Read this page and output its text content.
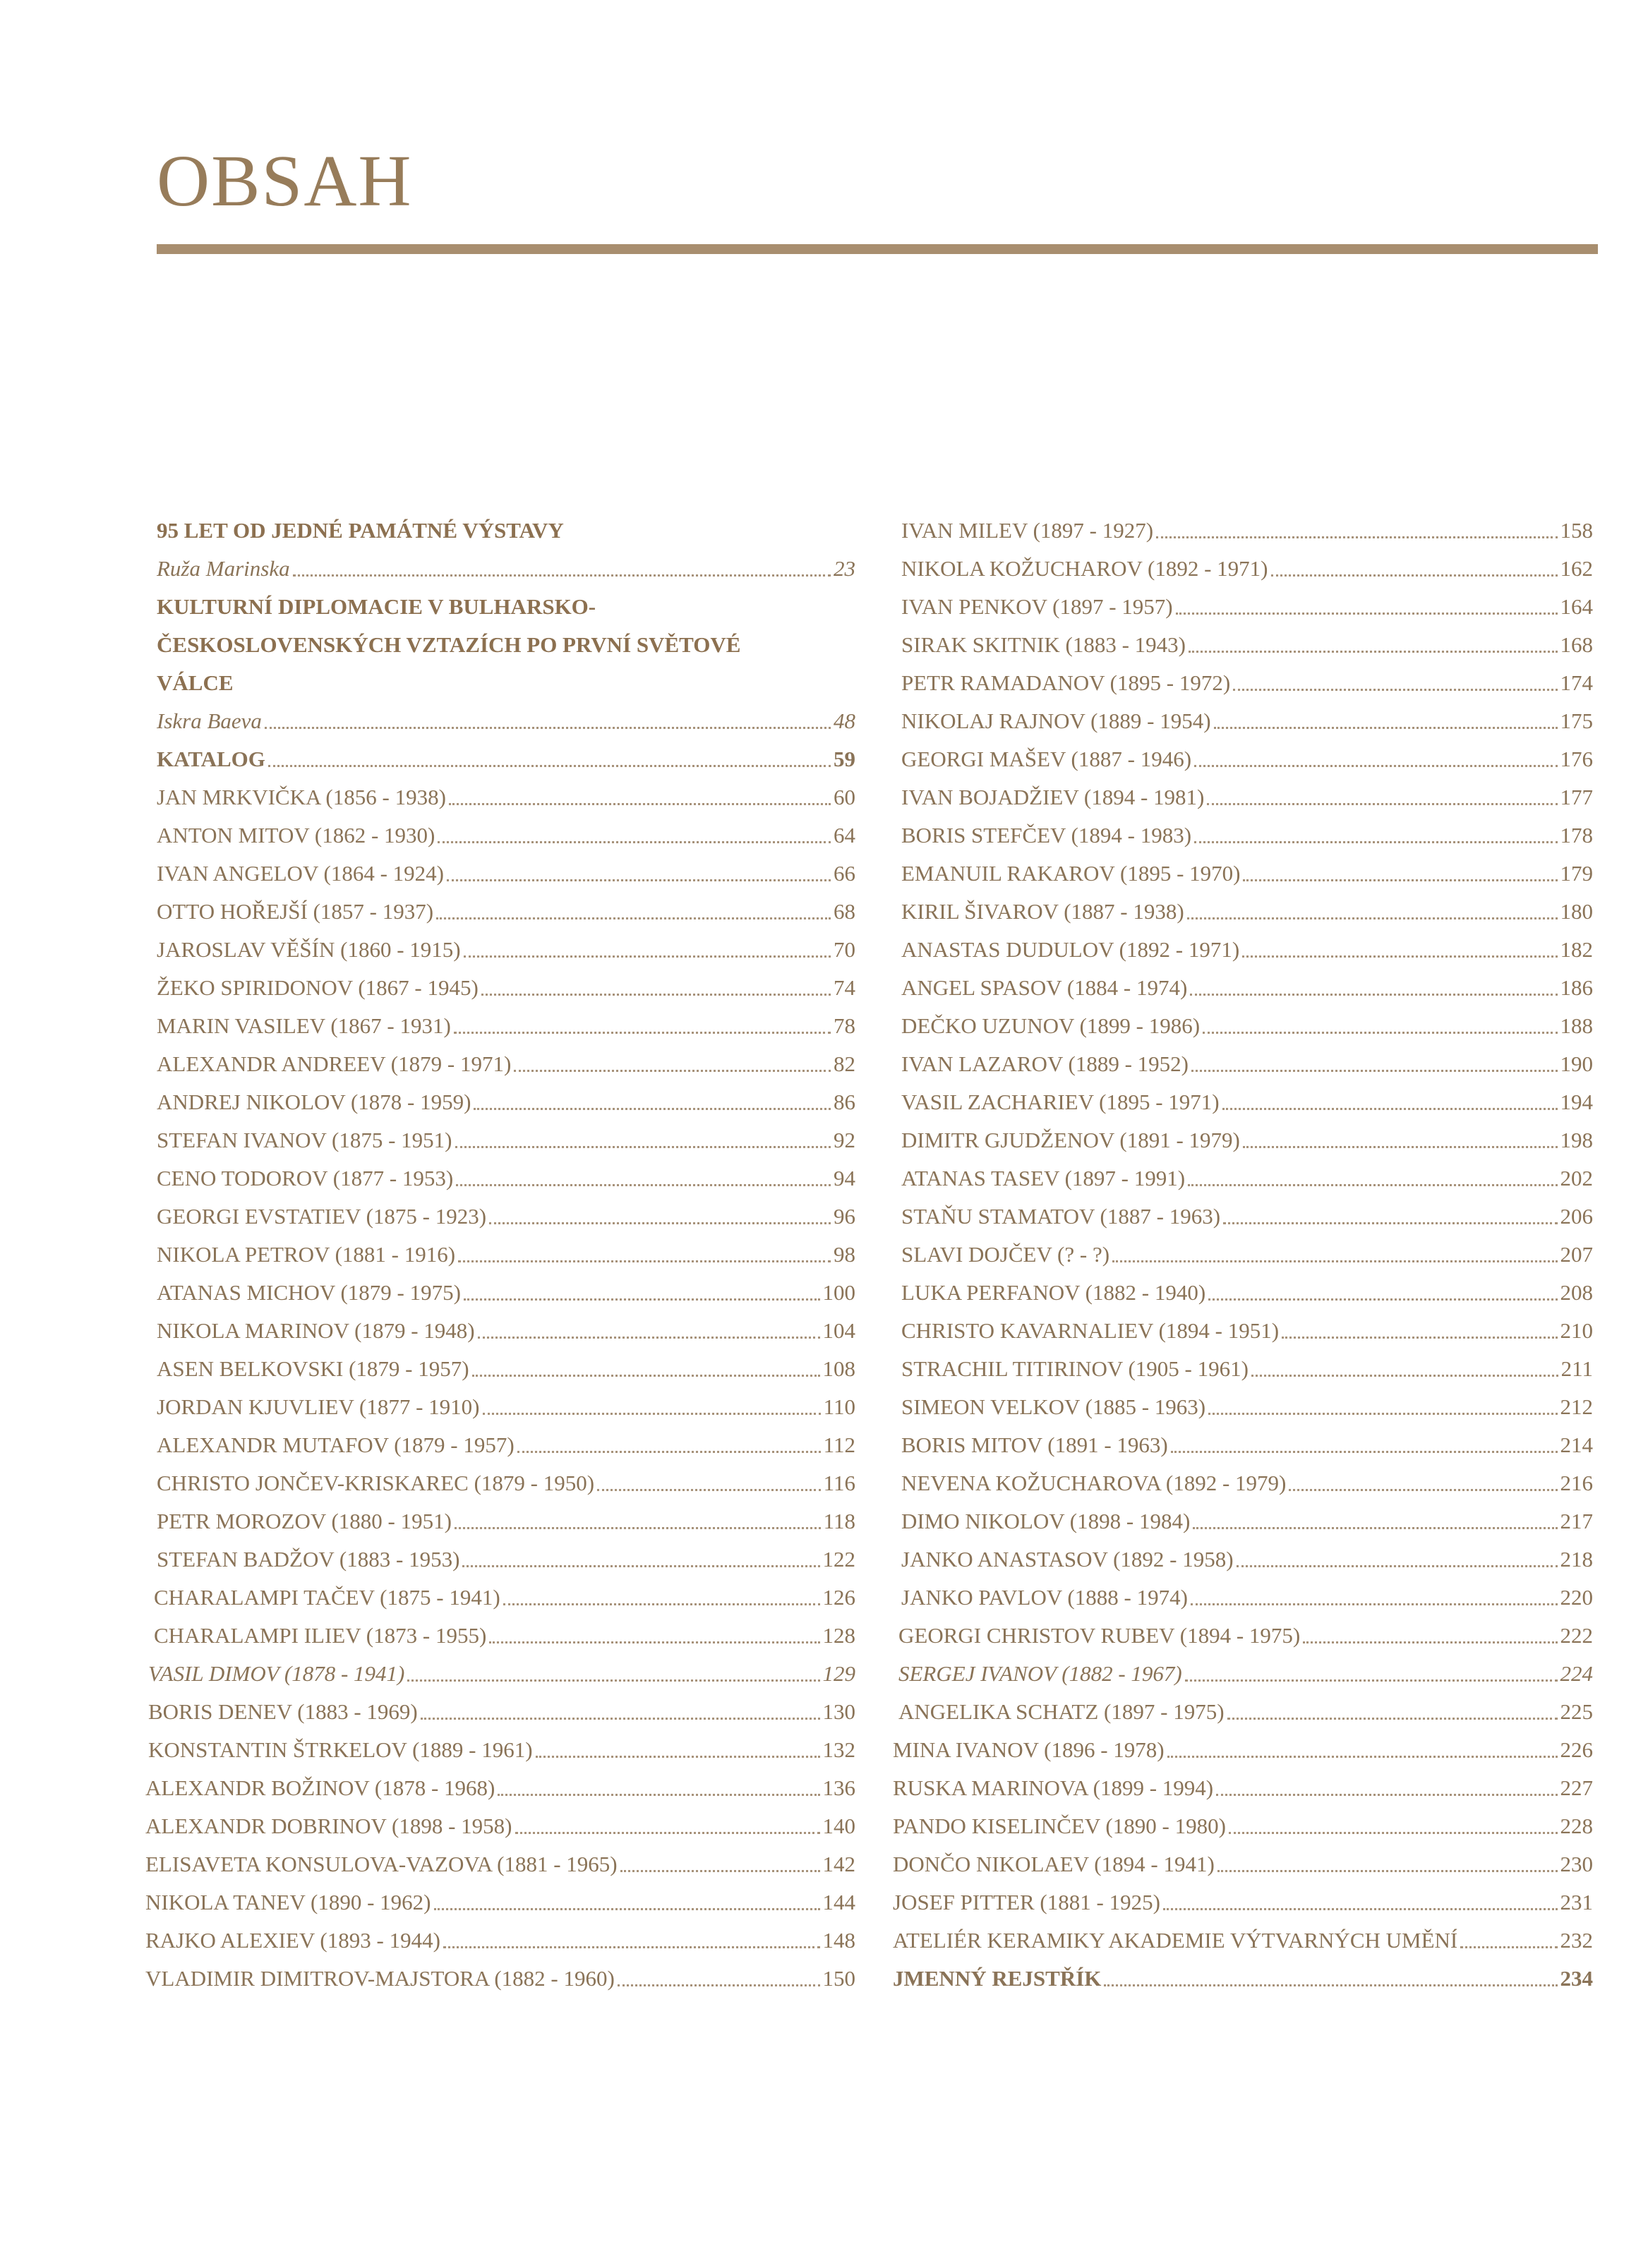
OBSAH
95 LET OD JEDNÉ PAMÁTNÉ VÝSTAVY
Ruža Marinska	23
KULTURNÍ DIPLOMACIE V BULHARSKO-
ČESKOSLOVENSKÝCH VZTAZÍCH PO PRVNÍ SVĚTOVÉ
VÁLCE
Iskra Baeva	48
KATALOG	59
JAN MRKVIČKA (1856 - 1938)	60
ANTON MITOV (1862 - 1930)	64
IVAN ANGELOV (1864 - 1924)	66
OTTO HOŘEJŠÍ (1857 - 1937)	68
JAROSLAV VĚŠÍN (1860 - 1915)	70
ŽEKO SPIRIDONOV (1867 - 1945)	74
MARIN VASILEV (1867 - 1931)	78
ALEXANDR ANDREEV (1879 - 1971)	82
ANDREJ NIKOLOV (1878 - 1959)	86
STEFAN IVANOV (1875 - 1951)	92
CENO TODOROV (1877 - 1953)	94
GEORGI EVSTATIEV (1875 - 1923)	96
NIKOLA PETROV (1881 - 1916)	98
ATANAS MICHOV (1879 - 1975)	100
NIKOLA MARINOV (1879 - 1948)	104
ASEN BELKOVSKI (1879 - 1957)	108
JORDAN KJUVLIEV (1877 - 1910)	110
ALEXANDR MUTAFOV (1879 - 1957)	112
CHRISTO JONČEV-KRISKAREC (1879 - 1950)	116
PETR MOROZOV (1880 - 1951)	118
STEFAN BADŽOV (1883 - 1953)	122
CHARALAMPI TAČEV (1875 - 1941)	126
CHARALAMPI ILIEV (1873 - 1955)	128
VASIL DIMOV (1878 - 1941)	129
BORIS DENEV (1883 - 1969)	130
KONSTANTIN ŠTRKELOV (1889 - 1961)	132
ALEXANDR BOŽINOV (1878 - 1968)	136
ALEXANDR DOBRINOV (1898 - 1958)	140
ELISAVETA KONSULOVA-VAZOVA (1881 - 1965)	142
NIKOLA TANEV (1890 - 1962)	144
RAJKO ALEXIEV (1893 - 1944)	148
VLADIMIR DIMITROV-MAJSTORA (1882 - 1960)	150
IVAN MILEV (1897 - 1927)	158
NIKOLA KOŽUCHAROV (1892 - 1971)	162
IVAN PENKOV (1897 - 1957)	164
SIRAK SKITNIK (1883 - 1943)	168
PETR RAMADANOV (1895 - 1972)	174
NIKOLAJ RAJNOV (1889 - 1954)	175
GEORGI MAŠEV (1887 - 1946)	176
IVAN BOJADŽIEV (1894 - 1981)	177
BORIS STEFČEV (1894 - 1983)	178
EMANUIL RAKAROV (1895 - 1970)	179
KIRIL ŠIVAROV (1887 - 1938)	180
ANASTAS DUDULOV (1892 - 1971)	182
ANGEL SPASOV (1884 - 1974)	186
DEČKO UZUNOV (1899 - 1986)	188
IVAN LAZAROV (1889 - 1952)	190
VASIL ZACHARIEV (1895 - 1971)	194
DIMITR GJUDŽENOV (1891 - 1979)	198
ATANAS TASEV (1897 - 1991)	202
STAŇU STAMATOV (1887 - 1963)	206
SLAVI DOJČEV (? - ?)	207
LUKA PERFANOV (1882 - 1940)	208
CHRISTO KAVARNALIEV (1894 - 1951)	210
STRACHIL TITIRINOV (1905 - 1961)	211
SIMEON VELKOV (1885 - 1963)	212
BORIS MITOV (1891 - 1963)	214
NEVENA KOŽUCHAROVA (1892 - 1979)	216
DIMO NIKOLOV (1898 - 1984)	217
JANKO ANASTASOV (1892 - 1958)	218
JANKO PAVLOV (1888 - 1974)	220
GEORGI CHRISTOV RUBEV (1894 - 1975)	222
SERGEJ IVANOV (1882 - 1967)	224
ANGELIKA SCHATZ (1897 - 1975)	225
MINA IVANOV (1896 - 1978)	226
RUSKA MARINOVA (1899 - 1994)	227
PANDO KISELINČEV (1890 - 1980)	228
DONČO NIKOLAEV (1894 - 1941)	230
JOSEF PITTER (1881 - 1925)	231
ATELIÉR KERAMIKY AKADEMIE VÝTVARNÝCH UMĚNÍ	232
JMENNÝ REJSTŘÍK	234
